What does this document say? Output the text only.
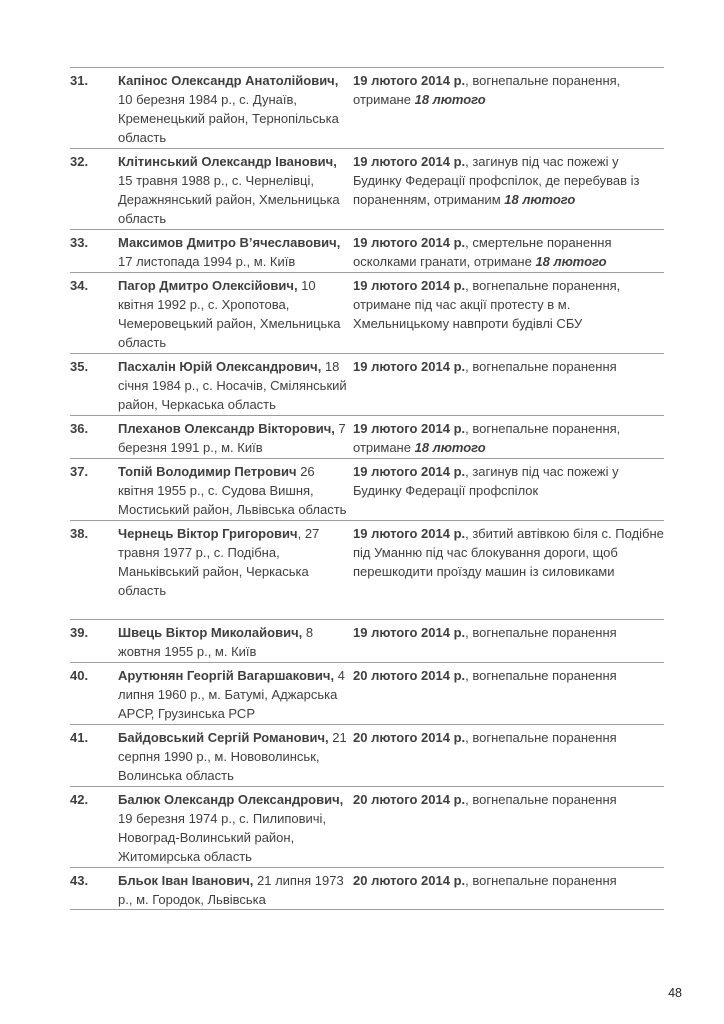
31.	Капінос Олександр Анатолійович, 10 березня 1984 р., с. Дунаїв, Кременецький район, Тернопільська область	19 лютого 2014 р., вогнепальне поранення, отримане 18 лютого
32.	Клітинський Олександр Іванович, 15 травня 1988 р., с. Чернелівці, Деражнянський район, Хмельницька область	19 лютого 2014 р., загинув під час пожежі у Будинку Федерації профспілок, де перебував із пораненням, отриманим 18 лютого
33.	Максимов Дмитро В’ячеславович, 17 листопада 1994 р., м. Київ	19 лютого 2014 р., смертельне поранення осколками гранати, отримане 18 лютого
34.	Пагор Дмитро Олексійович, 10 квітня 1992 р., с. Хропотова, Чемеровецький район, Хмельницька область	19 лютого 2014 р., вогнепальне поранення, отримане під час акції протесту в м. Хмельницькому навпроти будівлі СБУ
35.	Пасхалін Юрій Олександрович, 18 січня 1984 р., с. Носачів, Смілянський район, Черкаська область	19 лютого 2014 р., вогнепальне поранення
36.	Плеханов Олександр Вікторович, 7 березня 1991 р., м. Київ	19 лютого 2014 р., вогнепальне поранення, отримане 18 лютого
37.	Топій Володимир Петрович 26 квітня 1955 р., с. Судова Вишня, Мостиський район, Львівська область	19 лютого 2014 р., загинув під час пожежі у Будинку Федерації профспілок
38.	Чернець Віктор Григорович, 27 травня 1977 р., с. Подібна, Маньківський район, Черкаська область	19 лютого 2014 р., збитий автівкою біля с. Подібне під Уманню під час блокування дороги, щоб перешкодити проїзду машин із силовиками
39.	Швець Віктор Миколайович, 8 жовтня 1955 р., м. Київ	19 лютого 2014 р., вогнепальне поранення
40.	Арутюнян Георгій Вагаршакович, 4 липня 1960 р., м. Батумі, Аджарська АРСР, Грузинська РСР	20 лютого 2014 р., вогнепальне поранення
41.	Байдовський Сергій Романович, 21 серпня 1990 р., м. Нововолинськ, Волинська область	20 лютого 2014 р., вогнепальне поранення
42.	Балюк Олександр Олександрович, 19 березня 1974 р., с. Пилиповичі, Новоград-Волинський район, Житомирська область	20 лютого 2014 р., вогнепальне поранення
43.	Бльок Іван Іванович, 21 липня 1973 р., м. Городок, Львівська	20 лютого 2014 р., вогнепальне поранення
48
